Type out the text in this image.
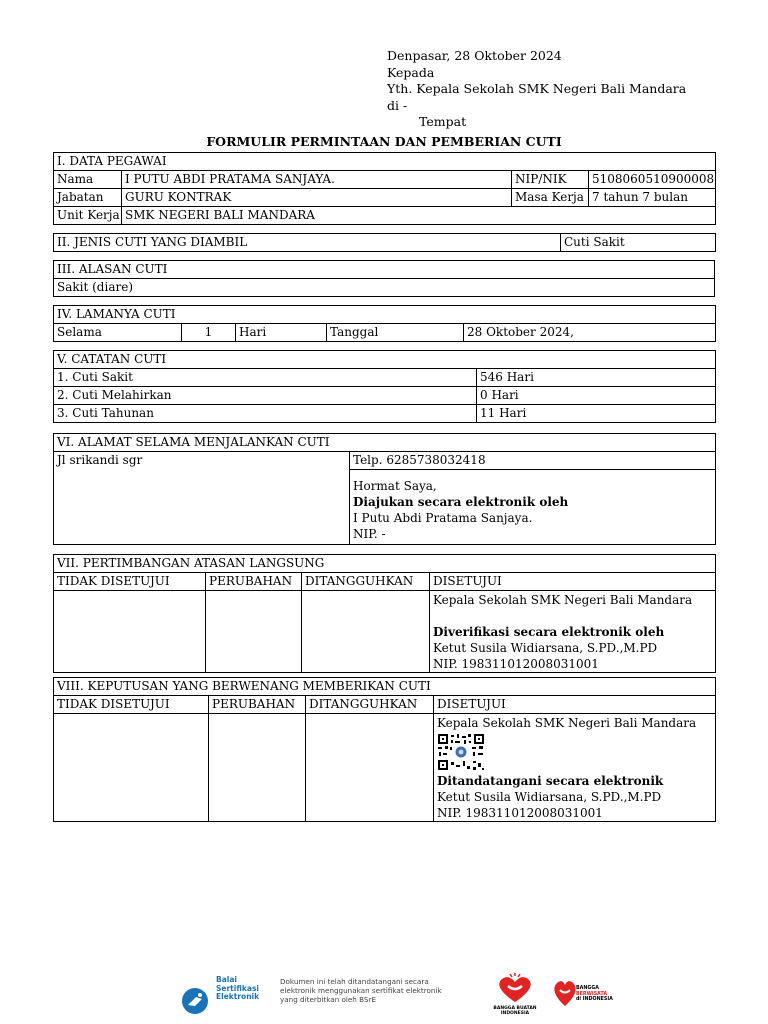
Denpasar, 28 Oktober 2024
Kepada
Yth. Kepala Sekolah SMK Negeri Bali Mandara
di -
Tempat
FORMULIR PERMINTAAN DAN PEMBERIAN CUTI
I. DATA PEGAWAI			
Nama	I PUTU ABDI PRATAMA SANJAYA.	NIP/NIK	5108060510900008
Jabatan	GURU KONTRAK	Masa Kerja	7 tahun 7 bulan
Unit Kerja	SMK NEGERI BALI MANDARA		
II. JENIS CUTI YANG DIAMBIL	Cuti Sakit
III. ALASAN CUTI
Sakit (diare)
IV. LAMANYA CUTI
Selama	1	Hari	Tanggal	28 Oktober 2024,
V. CATATAN CUTI	
1. Cuti Sakit	546 Hari
2. Cuti Melahirkan	0 Hari
3. Cuti Tahunan	11 Hari
VI. ALAMAT SELAMA MENJALANKAN CUTI
Jl srikandi sgr	Telp. 6285738032418

Hormat Saya,
Diajukan secara elektronik oleh
I Putu Abdi Pratama Sanjaya.
NIP. -
VII. PERTIMBANGAN ATASAN LANGSUNG			
TIDAK DISETUJUI	PERUBAHAN	DITANGGUHKAN	DISETUJUI

			Kepala Sekolah SMK Negeri Bali Mandara
Diverifikasi secara elektronik oleh
Ketut Susila Widiarsana, S.PD.,M.PD
NIP. 198311012008031001
VIII. KEPUTUSAN YANG BERWENANG MEMBERIKAN CUTI			
TIDAK DISETUJUI	PERUBAHAN	DITANGGUHKAN	DISETUJUI

			Kepala Sekolah SMK Negeri Bali Mandara
Ditandatangani secara elektronik
Ketut Susila Widiarsana, S.PD.,M.PD
NIP. 198311012008031001
Balai
Sertifikasi
Elektronik
Dokumen ini telah ditandatangani secara
elektronik menggunakan sertifikat elektronik
yang diterbitkan oleh BSrE
BANGGA BUATAN
INDONESIA
BANGGA
BERWISATA
di INDONESIA
